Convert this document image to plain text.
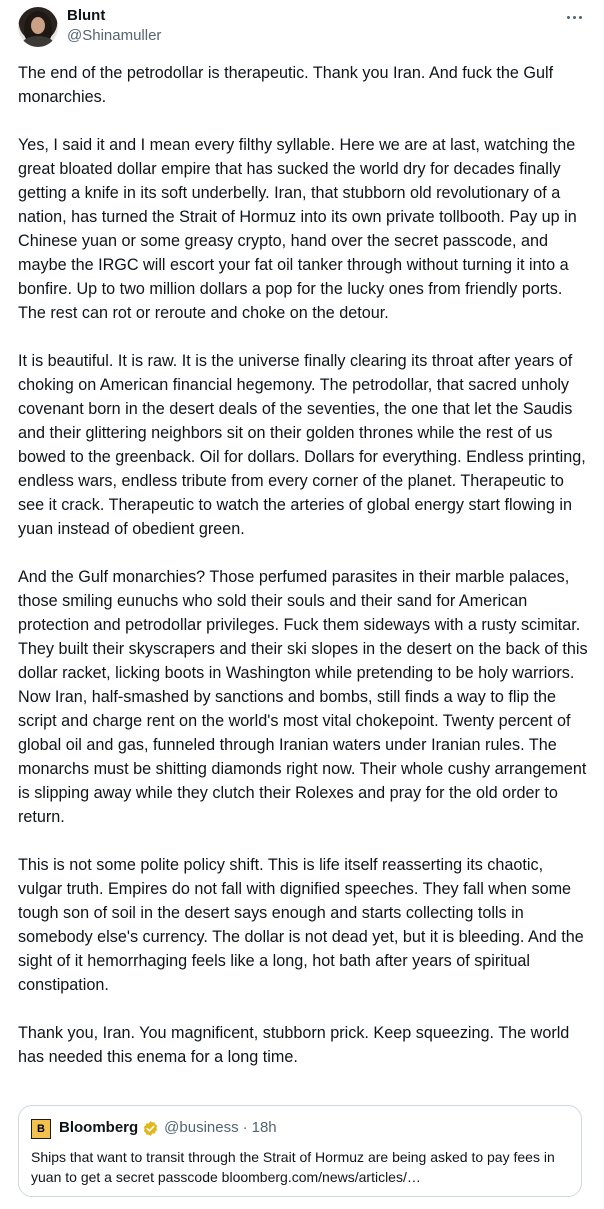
Blunt
@Shinamuller

The end of the petrodollar is therapeutic. Thank you Iran. And fuck the Gulf monarchies.

Yes, I said it and I mean every filthy syllable. Here we are at last, watching the great bloated dollar empire that has sucked the world dry for decades finally getting a knife in its soft underbelly. Iran, that stubborn old revolutionary of a nation, has turned the Strait of Hormuz into its own private tollbooth. Pay up in Chinese yuan or some greasy crypto, hand over the secret passcode, and maybe the IRGC will escort your fat oil tanker through without turning it into a bonfire. Up to two million dollars a pop for the lucky ones from friendly ports. The rest can rot or reroute and choke on the detour.

It is beautiful. It is raw. It is the universe finally clearing its throat after years of choking on American financial hegemony. The petrodollar, that sacred unholy covenant born in the desert deals of the seventies, the one that let the Saudis and their glittering neighbors sit on their golden thrones while the rest of us bowed to the greenback. Oil for dollars. Dollars for everything. Endless printing, endless wars, endless tribute from every corner of the planet. Therapeutic to see it crack. Therapeutic to watch the arteries of global energy start flowing in yuan instead of obedient green.

And the Gulf monarchies? Those perfumed parasites in their marble palaces, those smiling eunuchs who sold their souls and their sand for American protection and petrodollar privileges. Fuck them sideways with a rusty scimitar. They built their skyscrapers and their ski slopes in the desert on the back of this dollar racket, licking boots in Washington while pretending to be holy warriors. Now Iran, half-smashed by sanctions and bombs, still finds a way to flip the script and charge rent on the world's most vital chokepoint. Twenty percent of global oil and gas, funneled through Iranian waters under Iranian rules. The monarchs must be shitting diamonds right now. Their whole cushy arrangement is slipping away while they clutch their Rolexes and pray for the old order to return.

This is not some polite policy shift. This is life itself reasserting its chaotic, vulgar truth. Empires do not fall with dignified speeches. They fall when some tough son of soil in the desert says enough and starts collecting tolls in somebody else's currency. The dollar is not dead yet, but it is bleeding. And the sight of it hemorrhaging feels like a long, hot bath after years of spiritual constipation.

Thank you, Iran. You magnificent, stubborn prick. Keep squeezing. The world has needed this enema for a long time.

B Bloomberg @business · 18h
Ships that want to transit through the Strait of Hormuz are being asked to pay fees in yuan to get a secret passcode bloomberg.com/news/articles/…
